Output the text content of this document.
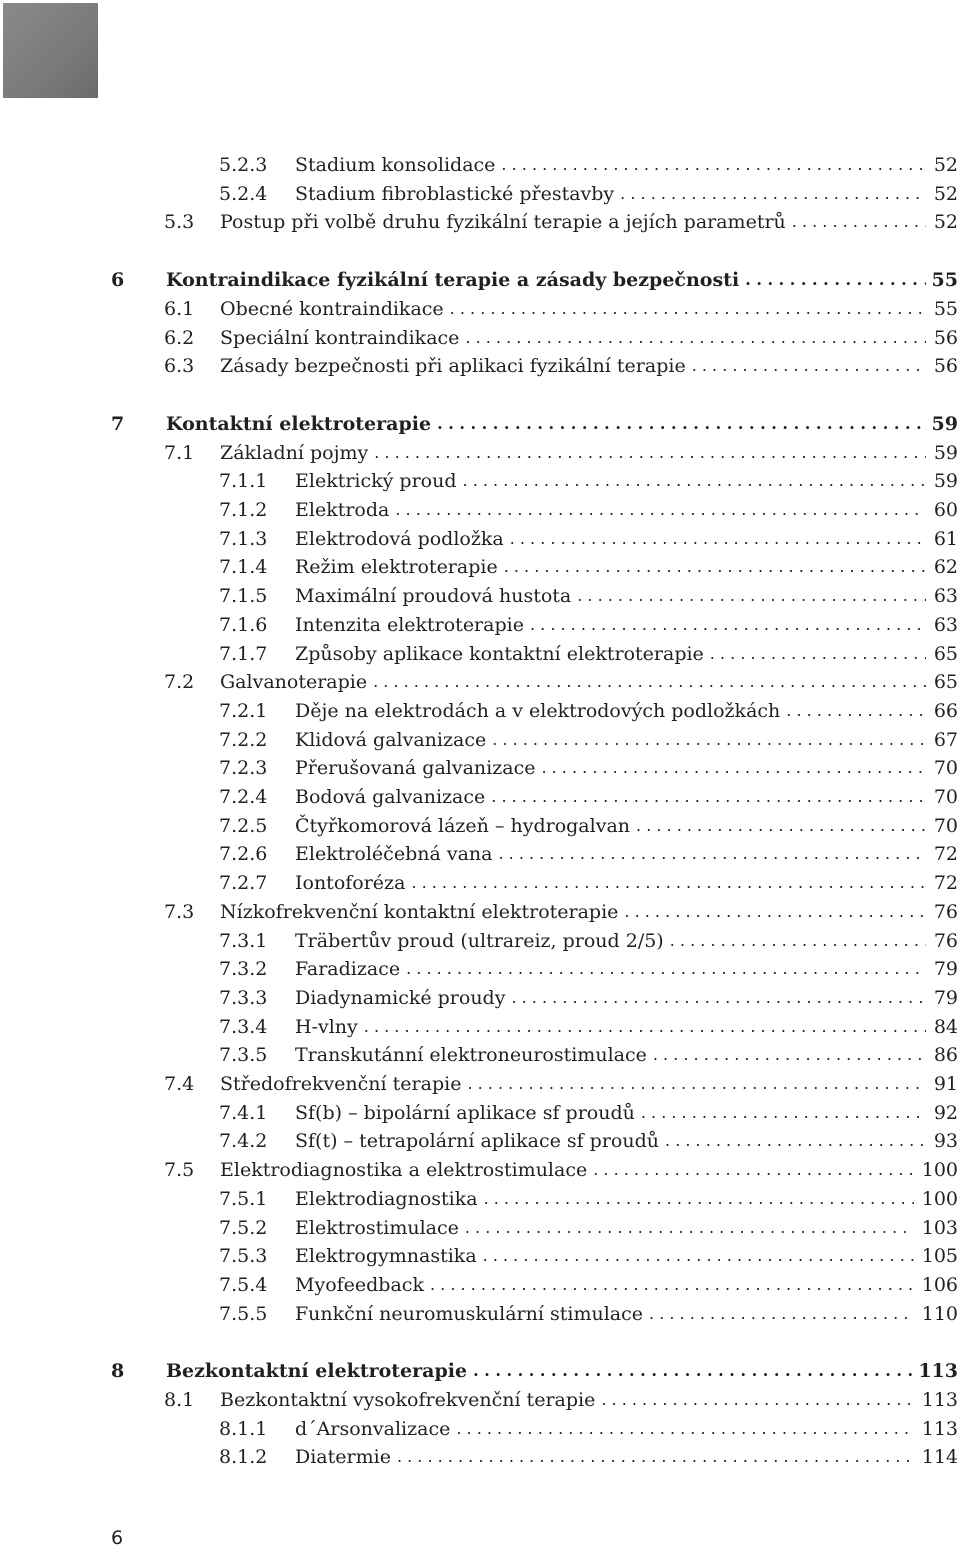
5.2.3 Stadium konsolidace . . .	52
5.2.4 Stadium fibroblastické přestavby . . .	52
5.3 Postup při volbě druhu fyzikální terapie a jejích parametrů . . .	52
6 Kontraindikace fyzikální terapie a zásady bezpečnosti . . .	55
6.1 Obecné kontraindikace . . .	55
6.2 Speciální kontraindikace . . .	56
6.3 Zásady bezpečnosti při aplikaci fyzikální terapie . . .	56
7 Kontaktní elektroterapie . . .	59
7.1 Základní pojmy . . .	59
7.1.1 Elektrický proud . . .	59
7.1.2 Elektroda . . .	60
7.1.3 Elektrodová podložka . . .	61
7.1.4 Režim elektroterapie . . .	62
7.1.5 Maximální proudová hustota . . .	63
7.1.6 Intenzita elektroterapie . . .	63
7.1.7 Způsoby aplikace kontaktní elektroterapie . . .	65
7.2 Galvanoterapie . . .	65
7.2.1 Děje na elektrodách a v elektrodových podložkách . . .	66
7.2.2 Klidová galvanizace . . .	67
7.2.3 Přerušovaná galvanizace . . .	70
7.2.4 Bodová galvanizace . . .	70
7.2.5 Čtyřkomorová lázeň – hydrogalvan . . .	70
7.2.6 Elektroléčebná vana . . .	72
7.2.7 Iontoforéza . . .	72
7.3 Nízkofrekvenční kontaktní elektroterapie . . .	76
7.3.1 Träbertův proud (ultrareiz, proud 2/5) . . .	76
7.3.2 Faradizace . . .	79
7.3.3 Diadynamické proudy . . .	79
7.3.4 H-vlny . . .	84
7.3.5 Transkutánní elektroneurostimulace . . .	86
7.4 Středofrekvenční terapie . . .	91
7.4.1 Sf(b) – bipolární aplikace sf proudů . . .	92
7.4.2 Sf(t) – tetrapolární aplikace sf proudů . . .	93
7.5 Elektrodiagnostika a elektrostimulace . . .	100
7.5.1 Elektrodiagnostika . . .	100
7.5.2 Elektrostimulace . . .	103
7.5.3 Elektrogymnastika . . .	105
7.5.4 Myofeedback . . .	106
7.5.5 Funkční neuromuskulární stimulace . . .	110
8 Bezkontaktní elektroterapie . . .	113
8.1 Bezkontaktní vysokofrekvenční terapie . . .	113
8.1.1 d´Arsonvalizace . . .	113
8.1.2 Diatermie . . .	114
6
